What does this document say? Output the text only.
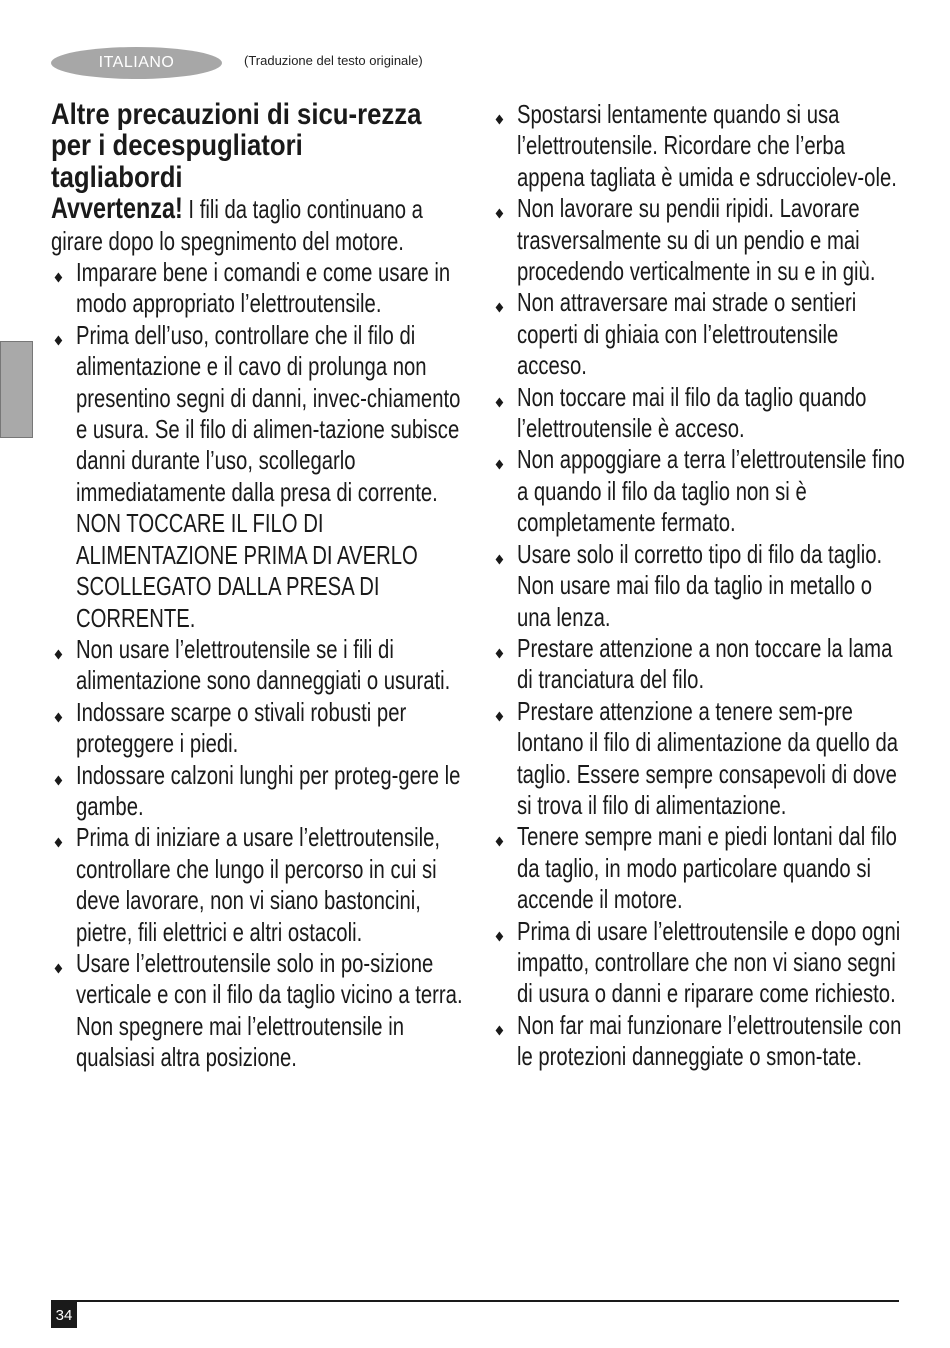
ITALIANO	(Traduzione del testo originale)
Altre precauzioni di sicu-rezza per i decespugliatori tagliabordi

Avvertenza! I fili da taglio continuano a girare dopo lo spegnimento del motore.

Imparare bene i comandi e come usare in modo appropriato l’elettroutensile.
Prima dell’uso, controllare che il filo di alimentazione e il cavo di prolunga non presentino segni di danni, invec-chiamento e usura. Se il filo di alimen-tazione subisce danni durante l’uso, scollegarlo immediatamente dalla presa di corrente. NON TOCCARE IL FILO DI ALIMENTAZIONE PRIMA DI AVERLO SCOLLEGATO DALLA PRESA DI CORRENTE.
Non usare l’elettroutensile se i fili di alimentazione sono danneggiati o usurati.
Indossare scarpe o stivali robusti per proteggere i piedi.
Indossare calzoni lunghi per proteg-gere le gambe.
Prima di iniziare a usare l’elettroutensile, controllare che lungo il percorso in cui si deve lavorare, non vi siano bastoncini, pietre, fili elettrici e altri ostacoli.
Usare l’elettroutensile solo in po-sizione verticale e con il filo da taglio vicino a terra. Non spegnere mai l’elettroutensile in qualsiasi altra posizione.
Spostarsi lentamente quando si usa l’elettroutensile. Ricordare che l’erba appena tagliata è umida e sdrucciolev-ole.
Non lavorare su pendii ripidi. Lavorare trasversalmente su di un pendio e mai procedendo verticalmente in su e in giù.
Non attraversare mai strade o sentieri coperti di ghiaia con l’elettroutensile acceso.
Non toccare mai il filo da taglio quando l’elettroutensile è acceso.
Non appoggiare a terra l’elettroutensile fino a quando il filo da taglio non si è completamente fermato.
Usare solo il corretto tipo di filo da taglio. Non usare mai filo da taglio in metallo o una lenza.
Prestare attenzione a non toccare la lama di tranciatura del filo.
Prestare attenzione a tenere sem-pre lontano il filo di alimentazione da quello da taglio. Essere sempre consapevoli di dove si trova il filo di alimentazione.
Tenere sempre mani e piedi lontani dal filo da taglio, in modo particolare quando si accende il motore.
Prima di usare l’elettroutensile e dopo ogni impatto, controllare che non vi siano segni di usura o danni e riparare come richiesto.
Non far mai funzionare l’elettroutensile con le protezioni danneggiate o smon-tate.
34
